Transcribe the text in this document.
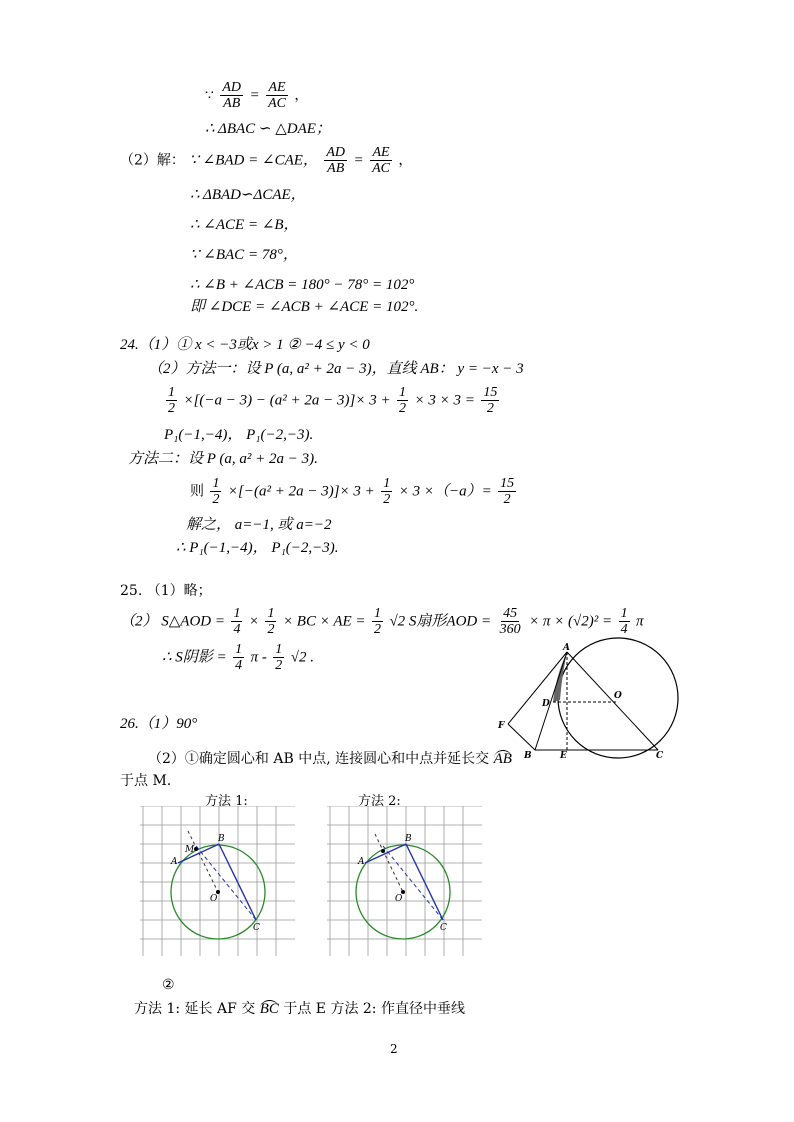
∵ $\frac{AD}{AB} = \frac{AE}{AC}$ ，
∴ ΔBAC ∽ △DAE；
（2）解： ∵ ∠BAD = ∠CAE， $\frac{AD}{AB} = \frac{AE}{AC}$ ，
∴ ΔBAD∽ΔCAE，
∴ ∠ACE = ∠B，
∵ ∠BAC = 78°，
∴ ∠B + ∠ACB = 180° − 78° = 102°
即 ∠DCE = ∠ACB + ∠ACE = 102°.
24.（1）① x < −3或x > 1 ② −4 ≤ y < 0
（2）方法一：设 P (a, a² + 2a − 3)，直线 AB： y = −x − 3
$\frac{1}{2} \times[(-a - 3) - (a^2 + 2a - 3)]\times 3 + \frac{1}{2} \times 3 \times 3 = \frac{15}{2}$
P₁(−1,−4)， P₁(−2,−3).
方法二：设 P (a, a² + 2a − 3).
则 $\frac{1}{2} \times[-(a^2 + 2a - 3)]\times 3 + \frac{1}{2} \times 3 \times(-a)= \frac{15}{2}$
解之， a=−1, 或 a=−2
∴ P₁(−1,−4)， P₁(−2,−3).
25. （1）略；
（2） S△AOD = $\frac{1}{4} \times \frac{1}{2}$ × BC × AE = $\frac{1}{2} √2$ S扇形AOD = $\frac{45}{360} \times \pi \times (√2)^2 = \frac{1}{4}$ π
∴ S阴影 = $\frac{1}{4}$ π - $\frac{1}{2} √2$ .
A
D
O
F
B	E	C
26.（1）90°
（2）①确定圆心和 AB 中点, 连接圆心和中点并延长交 AB
于点 M.
方法 1:	方法 2:
M
A
B
O
C
A
B
O
C
②
方法 1: 延长 AF 交 BC 于点 E 方法 2: 作直径中垂线
2
